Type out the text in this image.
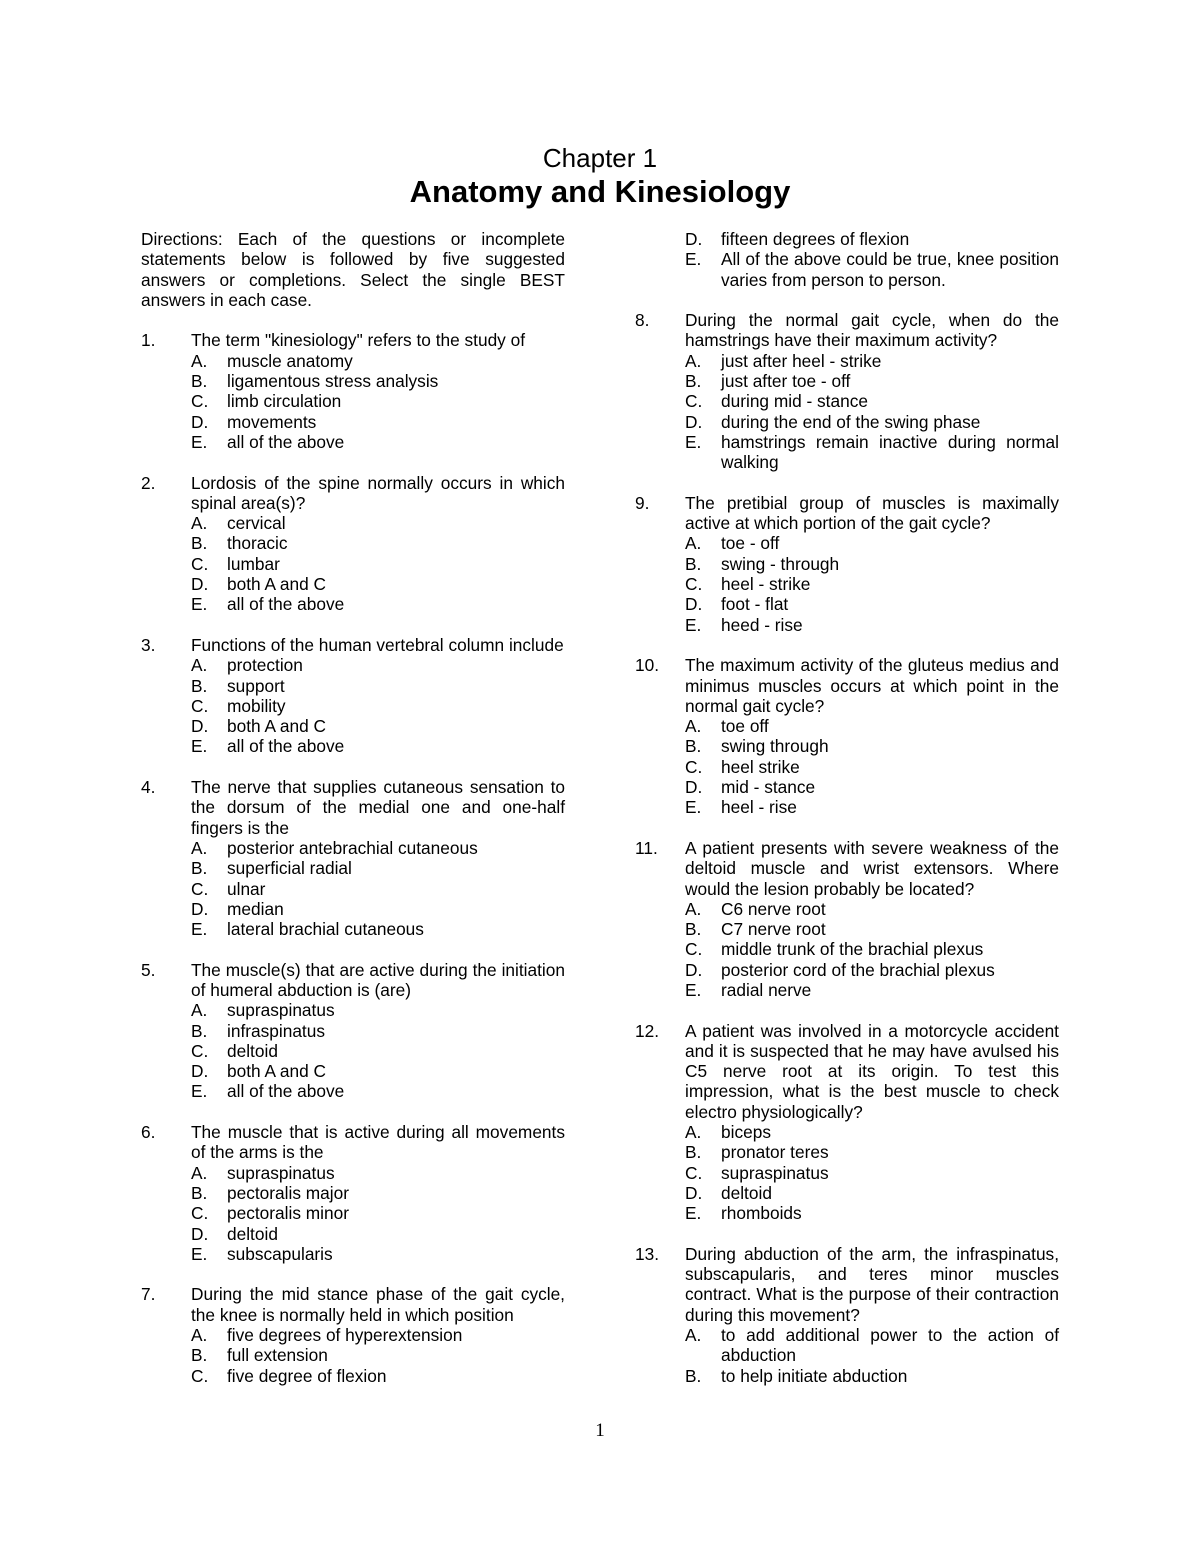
Chapter 1
Anatomy and Kinesiology
Directions: Each of the questions or incomplete statements below is followed by five suggested answers or completions. Select the single BEST answers in each case.
1. The term "kinesiology" refers to the study of
A. muscle anatomy
B. ligamentous stress analysis
C. limb circulation
D. movements
E. all of the above
2. Lordosis of the spine normally occurs in which spinal area(s)?
A. cervical
B. thoracic
C. lumbar
D. both A and C
E. all of the above
3. Functions of the human vertebral column include
A. protection
B. support
C. mobility
D. both A and C
E. all of the above
4. The nerve that supplies cutaneous sensation to the dorsum of the medial one and one-half fingers is the
A. posterior antebrachial cutaneous
B. superficial radial
C. ulnar
D. median
E. lateral brachial cutaneous
5. The muscle(s) that are active during the initiation of humeral abduction is (are)
A. supraspinatus
B. infraspinatus
C. deltoid
D. both A and C
E. all of the above
6. The muscle that is active during all movements of the arms is the
A. supraspinatus
B. pectoralis major
C. pectoralis minor
D. deltoid
E. subscapularis
7. During the mid stance phase of the gait cycle, the knee is normally held in which position
A. five degrees of hyperextension
B. full extension
C. five degree of flexion
D. fifteen degrees of flexion
E. All of the above could be true, knee position varies from person to person.
8. During the normal gait cycle, when do the hamstrings have their maximum activity?
A. just after heel - strike
B. just after toe - off
C. during mid - stance
D. during the end of the swing phase
E. hamstrings remain inactive during normal walking
9. The pretibial group of muscles is maximally active at which portion of the gait cycle?
A. toe - off
B. swing - through
C. heel - strike
D. foot - flat
E. heed - rise
10. The maximum activity of the gluteus medius and minimus muscles occurs at which point in the normal gait cycle?
A. toe off
B. swing through
C. heel strike
D. mid - stance
E. heel - rise
11. A patient presents with severe weakness of the deltoid muscle and wrist extensors. Where would the lesion probably be located?
A. C6 nerve root
B. C7 nerve root
C. middle trunk of the brachial plexus
D. posterior cord of the brachial plexus
E. radial nerve
12. A patient was involved in a motorcycle accident and it is suspected that he may have avulsed his C5 nerve root at its origin. To test this impression, what is the best muscle to check electro physiologically?
A. biceps
B. pronator teres
C. supraspinatus
D. deltoid
E. rhomboids
13. During abduction of the arm, the infraspinatus, subscapularis, and teres minor muscles contract. What is the purpose of their contraction during this movement?
A. to add additional power to the action of abduction
B. to help initiate abduction
1
